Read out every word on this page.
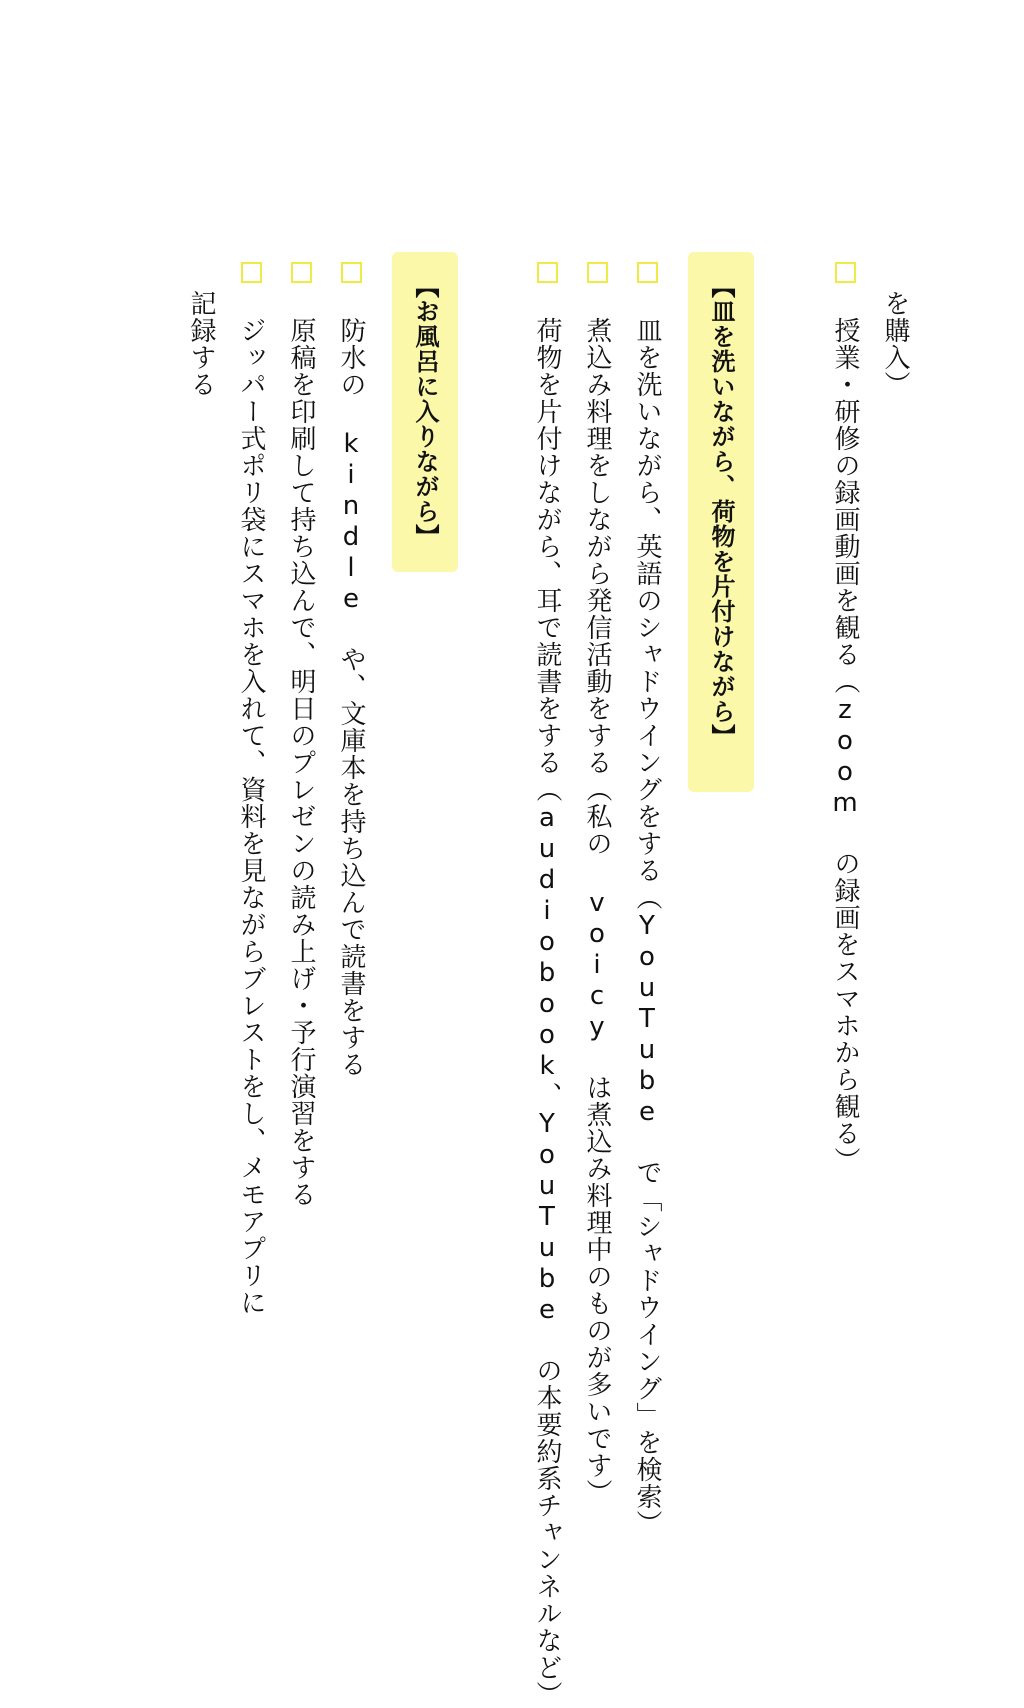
を購入）
授業・研修の録画動画を観る（zoom の録画をスマホから観る）
【皿を洗いながら、荷物を片付けながら】
皿を洗いながら、英語のシャドウイングをする（YouTube で「シャドウイング」を検索）
煮込み料理をしながら発信活動をする（私の voicy は煮込み料理中のものが多いです）
荷物を片付けながら、耳で読書をする（audiobook、YouTube の本要約系チャンネルなど）
【お風呂に入りながら】
防水の kindle や、文庫本を持ち込んで読書をする
原稿を印刷して持ち込んで、明日のプレゼンの読み上げ・予行演習をする
ジッパー式ポリ袋にスマホを入れて、資料を見ながらブレストをし、メモアプリに
記録する
